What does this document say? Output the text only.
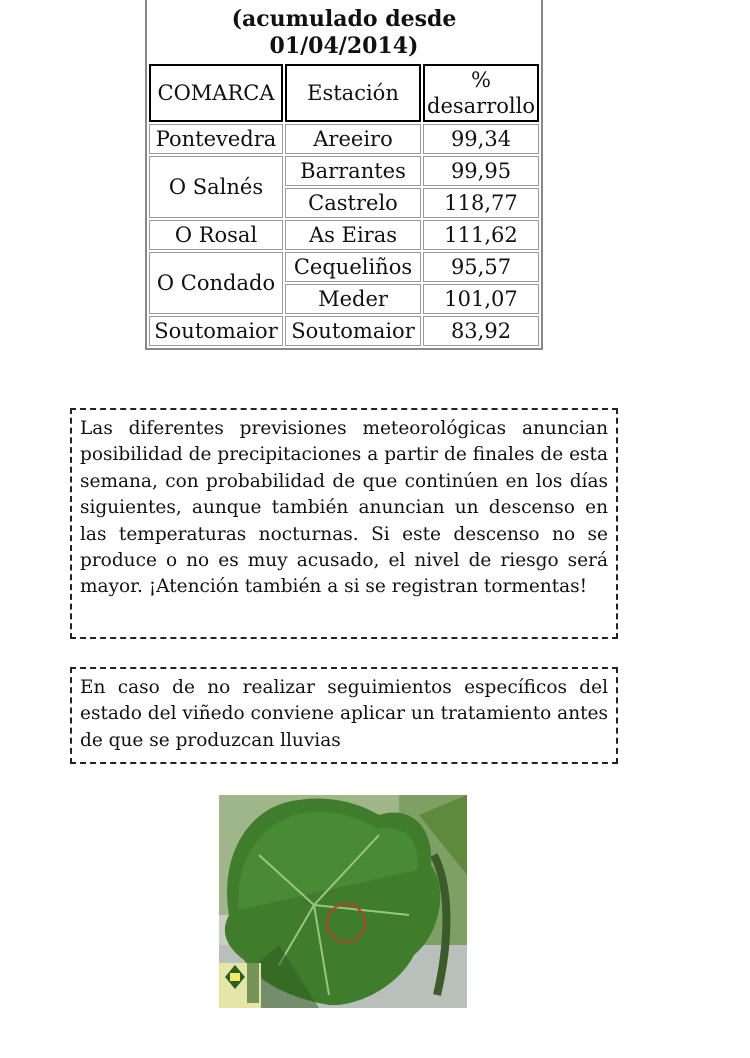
(acumulado desde
01/04/2014)		
COMARCA	Estación	%
desarrollo
Pontevedra	Areeiro	99,34
O Salnés	Barrantes	99,95
	Castrelo	118,77
O Rosal	As Eiras	111,62
O Condado	Cequeliños	95,57
	Meder	101,07
Soutomaior	Soutomaior	83,92
Las diferentes previsiones meteorológicas anuncian posibilidad de precipitaciones a partir de finales de esta semana, con probabilidad de que continúen en los días siguientes, aunque también anuncian un descenso en las temperaturas nocturnas. Si este descenso no se produce o no es muy acusado, el nivel de riesgo será mayor. ¡Atención también a si se registran tormentas!
En caso de no realizar seguimientos específicos del estado del viñedo conviene aplicar un tratamiento antes de que se produzcan lluvias
